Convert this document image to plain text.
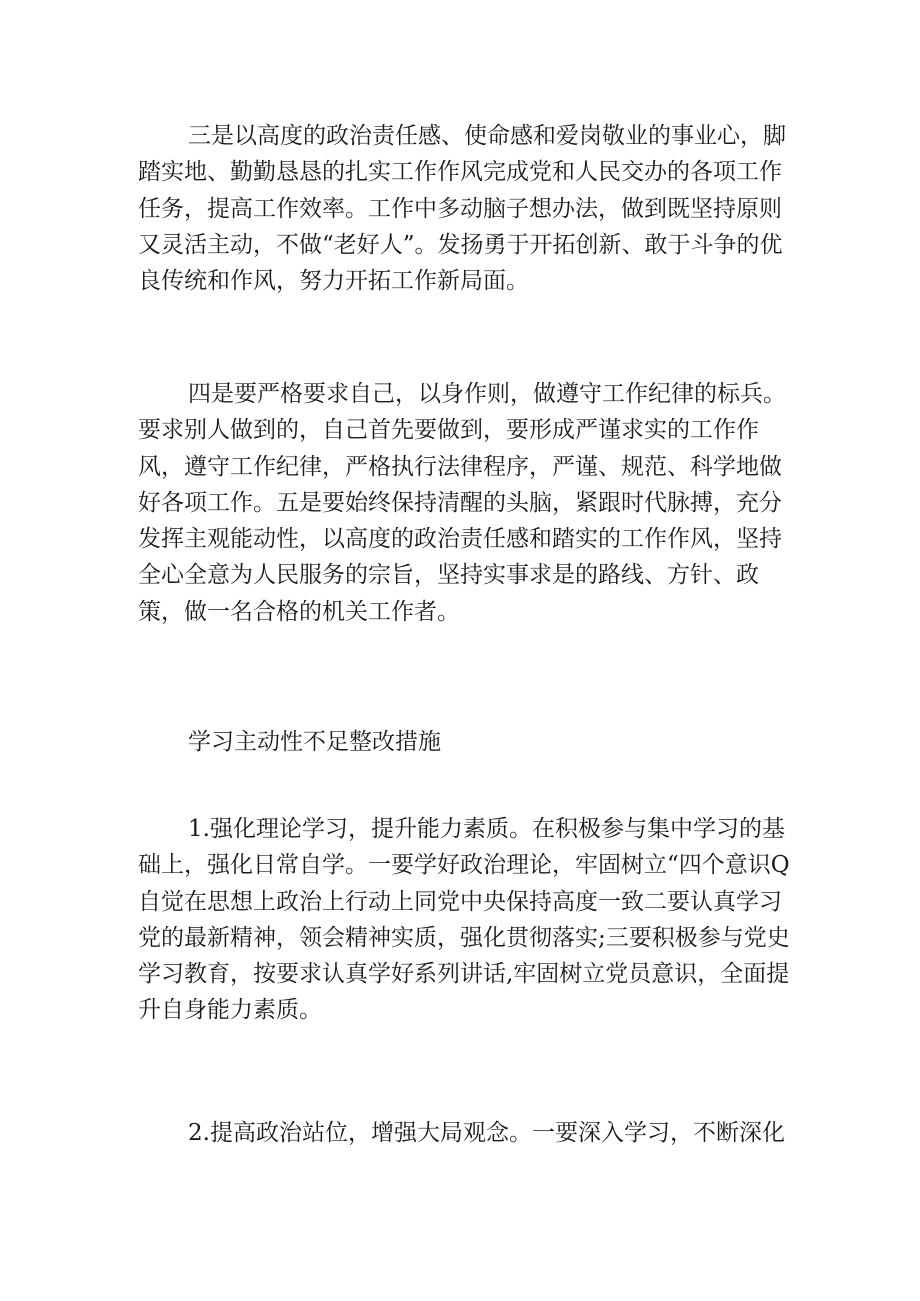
三是以高度的政治责任感、使命感和爱岗敬业的事业心，脚踏实地、勤勤恳恳的扎实工作作风完成党和人民交办的各项工作任务，提高工作效率。工作中多动脑子想办法，做到既坚持原则又灵活主动，不做“老好人”。发扬勇于开拓创新、敢于斗争的优良传统和作风，努力开拓工作新局面。

四是要严格要求自己，以身作则，做遵守工作纪律的标兵。要求别人做到的，自己首先要做到，要形成严谨求实的工作作风，遵守工作纪律，严格执行法律程序，严谨、规范、科学地做好各项工作。五是要始终保持清醒的头脑，紧跟时代脉搏，充分发挥主观能动性，以高度的政治责任感和踏实的工作作风，坚持全心全意为人民服务的宗旨，坚持实事求是的路线、方针、政策，做一名合格的机关工作者。

学习主动性不足整改措施

1.强化理论学习，提升能力素质。在积极参与集中学习的基础上，强化日常自学。一要学好政治理论，牢固树立“四个意识Q自觉在思想上政治上行动上同党中央保持高度一致二要认真学习党的最新精神，领会精神实质，强化贯彻落实;三要积极参与党史学习教育，按要求认真学好系列讲话,牢固树立党员意识，全面提升自身能力素质。

2.提高政治站位，增强大局观念。一要深入学习，不断深化
